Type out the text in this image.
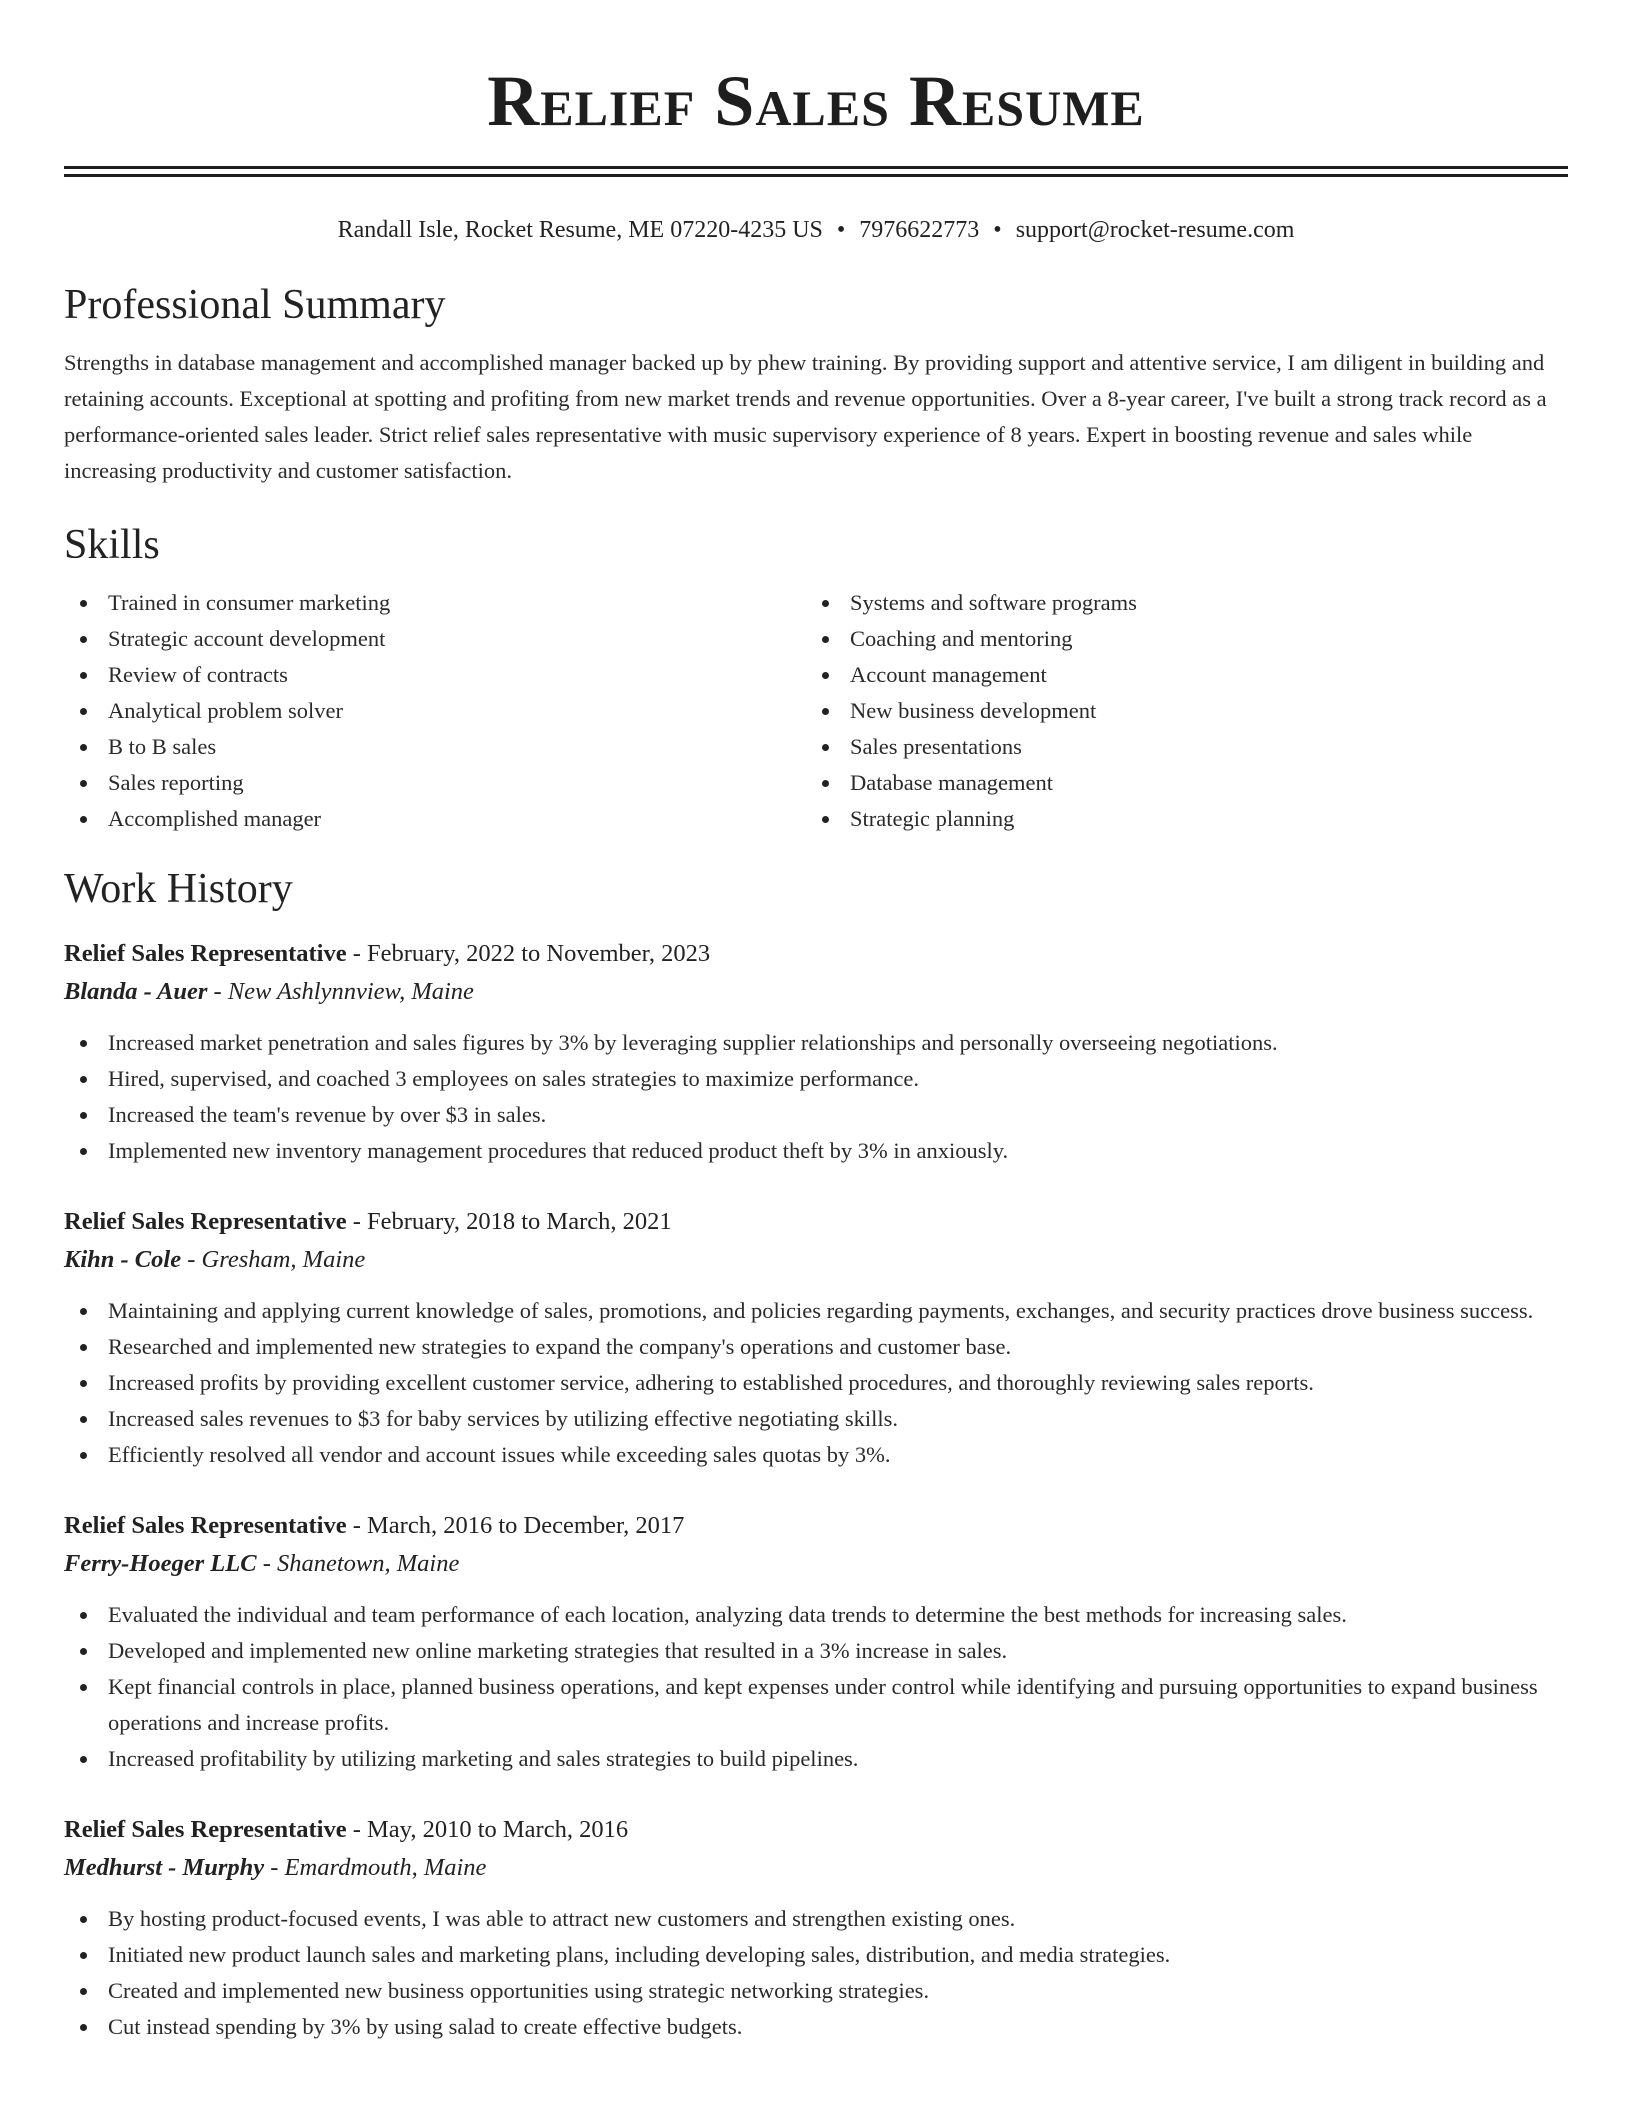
Relief Sales Resume
Randall Isle, Rocket Resume, ME 07220-4235 US • 7976622773 • support@rocket-resume.com
Professional Summary

Strengths in database management and accomplished manager backed up by phew training. By providing support and attentive service, I am diligent in building and retaining accounts. Exceptional at spotting and profiting from new market trends and revenue opportunities. Over a 8-year career, I've built a strong track record as a performance-oriented sales leader. Strict relief sales representative with music supervisory experience of 8 years. Expert in boosting revenue and sales while increasing productivity and customer satisfaction.

Skills
Trained in consumer marketing
Strategic account development
Review of contracts
Analytical problem solver
B to B sales
Sales reporting
Accomplished manager
Systems and software programs
Coaching and mentoring
Account management
New business development
Sales presentations
Database management
Strategic planning
Work History
Relief Sales Representative - February, 2022 to November, 2023
Blanda - Auer - New Ashlynnview, Maine
Increased market penetration and sales figures by 3% by leveraging supplier relationships and personally overseeing negotiations.
Hired, supervised, and coached 3 employees on sales strategies to maximize performance.
Increased the team's revenue by over $3 in sales.
Implemented new inventory management procedures that reduced product theft by 3% in anxiously.
Relief Sales Representative - February, 2018 to March, 2021
Kihn - Cole - Gresham, Maine
Maintaining and applying current knowledge of sales, promotions, and policies regarding payments, exchanges, and security practices drove business success.
Researched and implemented new strategies to expand the company's operations and customer base.
Increased profits by providing excellent customer service, adhering to established procedures, and thoroughly reviewing sales reports.
Increased sales revenues to $3 for baby services by utilizing effective negotiating skills.
Efficiently resolved all vendor and account issues while exceeding sales quotas by 3%.
Relief Sales Representative - March, 2016 to December, 2017
Ferry-Hoeger LLC - Shanetown, Maine
Evaluated the individual and team performance of each location, analyzing data trends to determine the best methods for increasing sales.
Developed and implemented new online marketing strategies that resulted in a 3% increase in sales.
Kept financial controls in place, planned business operations, and kept expenses under control while identifying and pursuing opportunities to expand business operations and increase profits.
Increased profitability by utilizing marketing and sales strategies to build pipelines.
Relief Sales Representative - May, 2010 to March, 2016
Medhurst - Murphy - Emardmouth, Maine
By hosting product-focused events, I was able to attract new customers and strengthen existing ones.
Initiated new product launch sales and marketing plans, including developing sales, distribution, and media strategies.
Created and implemented new business opportunities using strategic networking strategies.
Cut instead spending by 3% by using salad to create effective budgets.
